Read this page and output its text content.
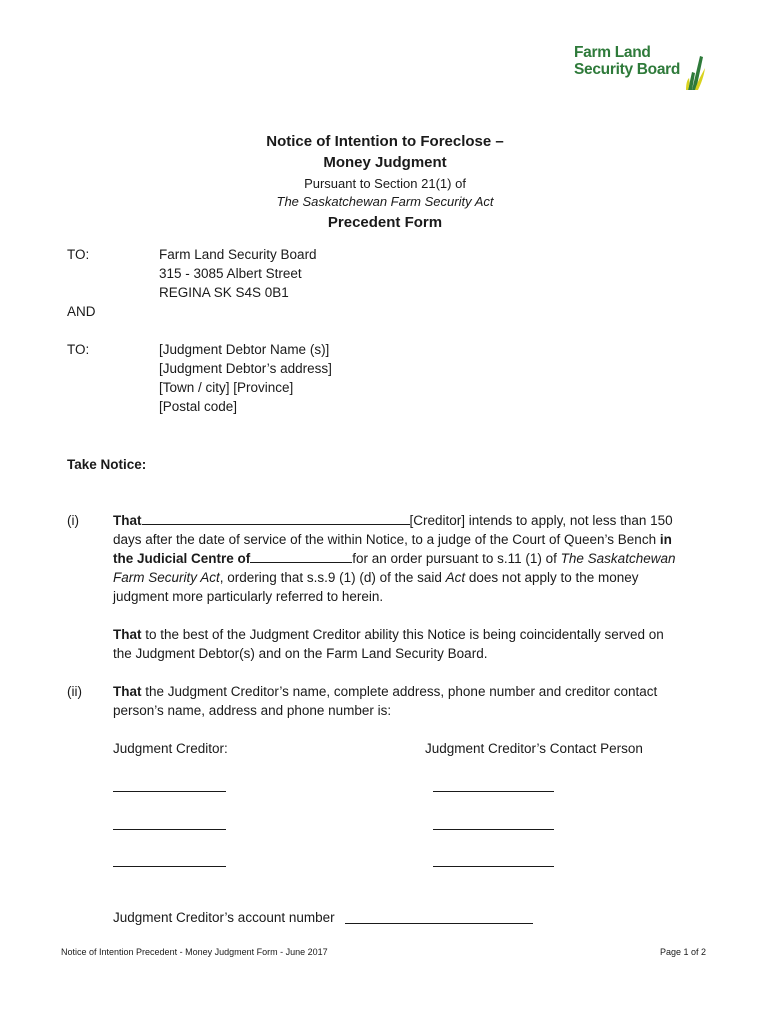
Farm Land
Security Board
Notice of Intention to Foreclose –
Money Judgment
Pursuant to Section 21(1) of
The Saskatchewan Farm Security Act
Precedent Form
TO:	Farm Land Security Board
315 - 3085 Albert Street
REGINA SK S4S 0B1
AND
TO:	[Judgment Debtor Name (s)]
[Judgment Debtor’s address]
[Town / city] [Province]
[Postal code]
Take Notice:
(i)	That	[Creditor] intends to apply, not less than 150
days after the date of service of the within Notice, to a judge of the Court of Queen’s Bench in
the Judicial Centre of	for an order pursuant to s.11 (1) of The Saskatchewan
Farm Security Act, ordering that s.s.9 (1) (d) of the said Act does not apply to the money
judgment more particularly referred to herein.
That to the best of the Judgment Creditor ability this Notice is being coincidentally served on
the Judgment Debtor(s) and on the Farm Land Security Board.
(ii) That the Judgment Creditor’s name, complete address, phone number and creditor contact
person’s name, address and phone number is:
Judgment Creditor:	Judgment Creditor’s Contact Person
Judgment Creditor’s account number
Notice of Intention Precedent - Money Judgment Form - June 2017	Page 1 of 2
